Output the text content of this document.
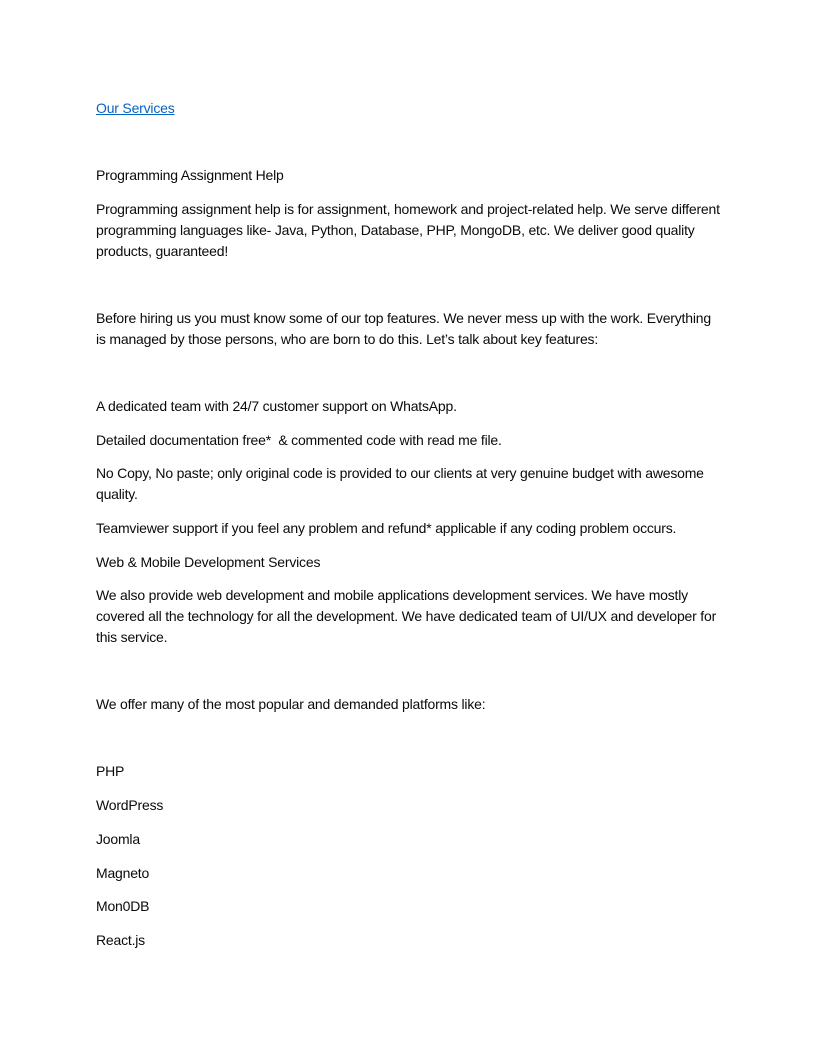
Our Services

Programming Assignment Help

Programming assignment help is for assignment, homework and project-related help. We serve different programming languages like- Java, Python, Database, PHP, MongoDB, etc. We deliver good quality products, guaranteed!

Before hiring us you must know some of our top features. We never mess up with the work. Everything is managed by those persons, who are born to do this. Let’s talk about key features:

A dedicated team with 24/7 customer support on WhatsApp.

Detailed documentation free*  & commented code with read me file.

No Copy, No paste; only original code is provided to our clients at very genuine budget with awesome quality.

Teamviewer support if you feel any problem and refund* applicable if any coding problem occurs.

Web & Mobile Development Services

We also provide web development and mobile applications development services. We have mostly covered all the technology for all the development. We have dedicated team of UI/UX and developer for this service.

We offer many of the most popular and demanded platforms like:

PHP

WordPress

Joomla

Magneto

Mon0DB

React.js
